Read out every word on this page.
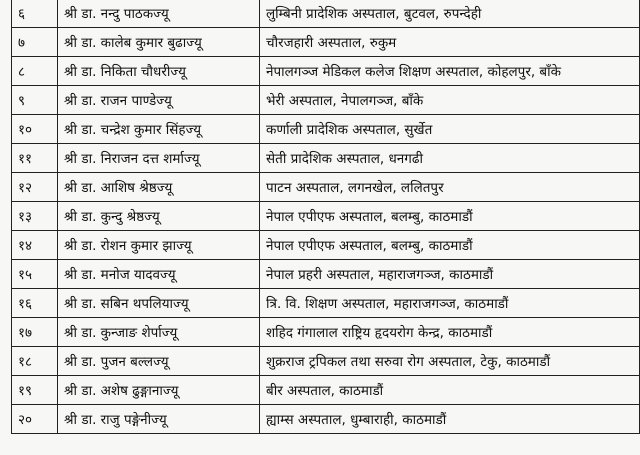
६	श्री डा. नन्दु पाठकज्यू	लुम्बिनी प्रादेशिक अस्पताल, बुटवल, रुपन्देही
७	श्री डा. कालेब कुमार बुढाज्यू	चौरजहारी अस्पताल, रुकुम
८	श्री डा. निकिता चौधरीज्यू	नेपालगञ्ज मेडिकल कलेज शिक्षण अस्पताल, कोहलपुर, बाँके
९	श्री डा. राजन पाण्डेज्यू	भेरी अस्पताल, नेपालगञ्ज, बाँके
१०	श्री डा. चन्द्रेश कुमार सिंहज्यू	कर्णाली प्रादेशिक अस्पताल, सुर्खेत
११	श्री डा. निराजन दत्त शर्माज्यू	सेती प्रादेशिक अस्पताल, धनगढी
१२	श्री डा. आशिष श्रेष्ठज्यू	पाटन अस्पताल, लगनखेल, ललितपुर
१३	श्री डा. कुन्दु श्रेष्ठज्यू	नेपाल एपीएफ अस्पताल, बलम्बु, काठमाडौं
१४	श्री डा. रोशन कुमार झाज्यू	नेपाल एपीएफ अस्पताल, बलम्बु, काठमाडौं
१५	श्री डा. मनोज यादवज्यू	नेपाल प्रहरी अस्पताल, महाराजगञ्ज, काठमाडौं
१६	श्री डा. सबिन थपलियाज्यू	त्रि. वि. शिक्षण अस्पताल, महाराजगञ्ज, काठमाडौं
१७	श्री डा. कुन्जाङ शेर्पाज्यू	शहिद गंगालाल राष्ट्रिय हृदयरोग केन्द्र, काठमाडौं
१८	श्री डा. पुजन बल्लज्यू	शुक्रराज ट्रपिकल तथा सरुवा रोग अस्पताल, टेकु, काठमाडौं
१९	श्री डा. अशेष ढुङ्गानाज्यू	बीर अस्पताल, काठमाडौं
२०	श्री डा. राजु पङ्गेनीज्यू	ह्याम्स अस्पताल, धुम्बाराही, काठमाडौं
